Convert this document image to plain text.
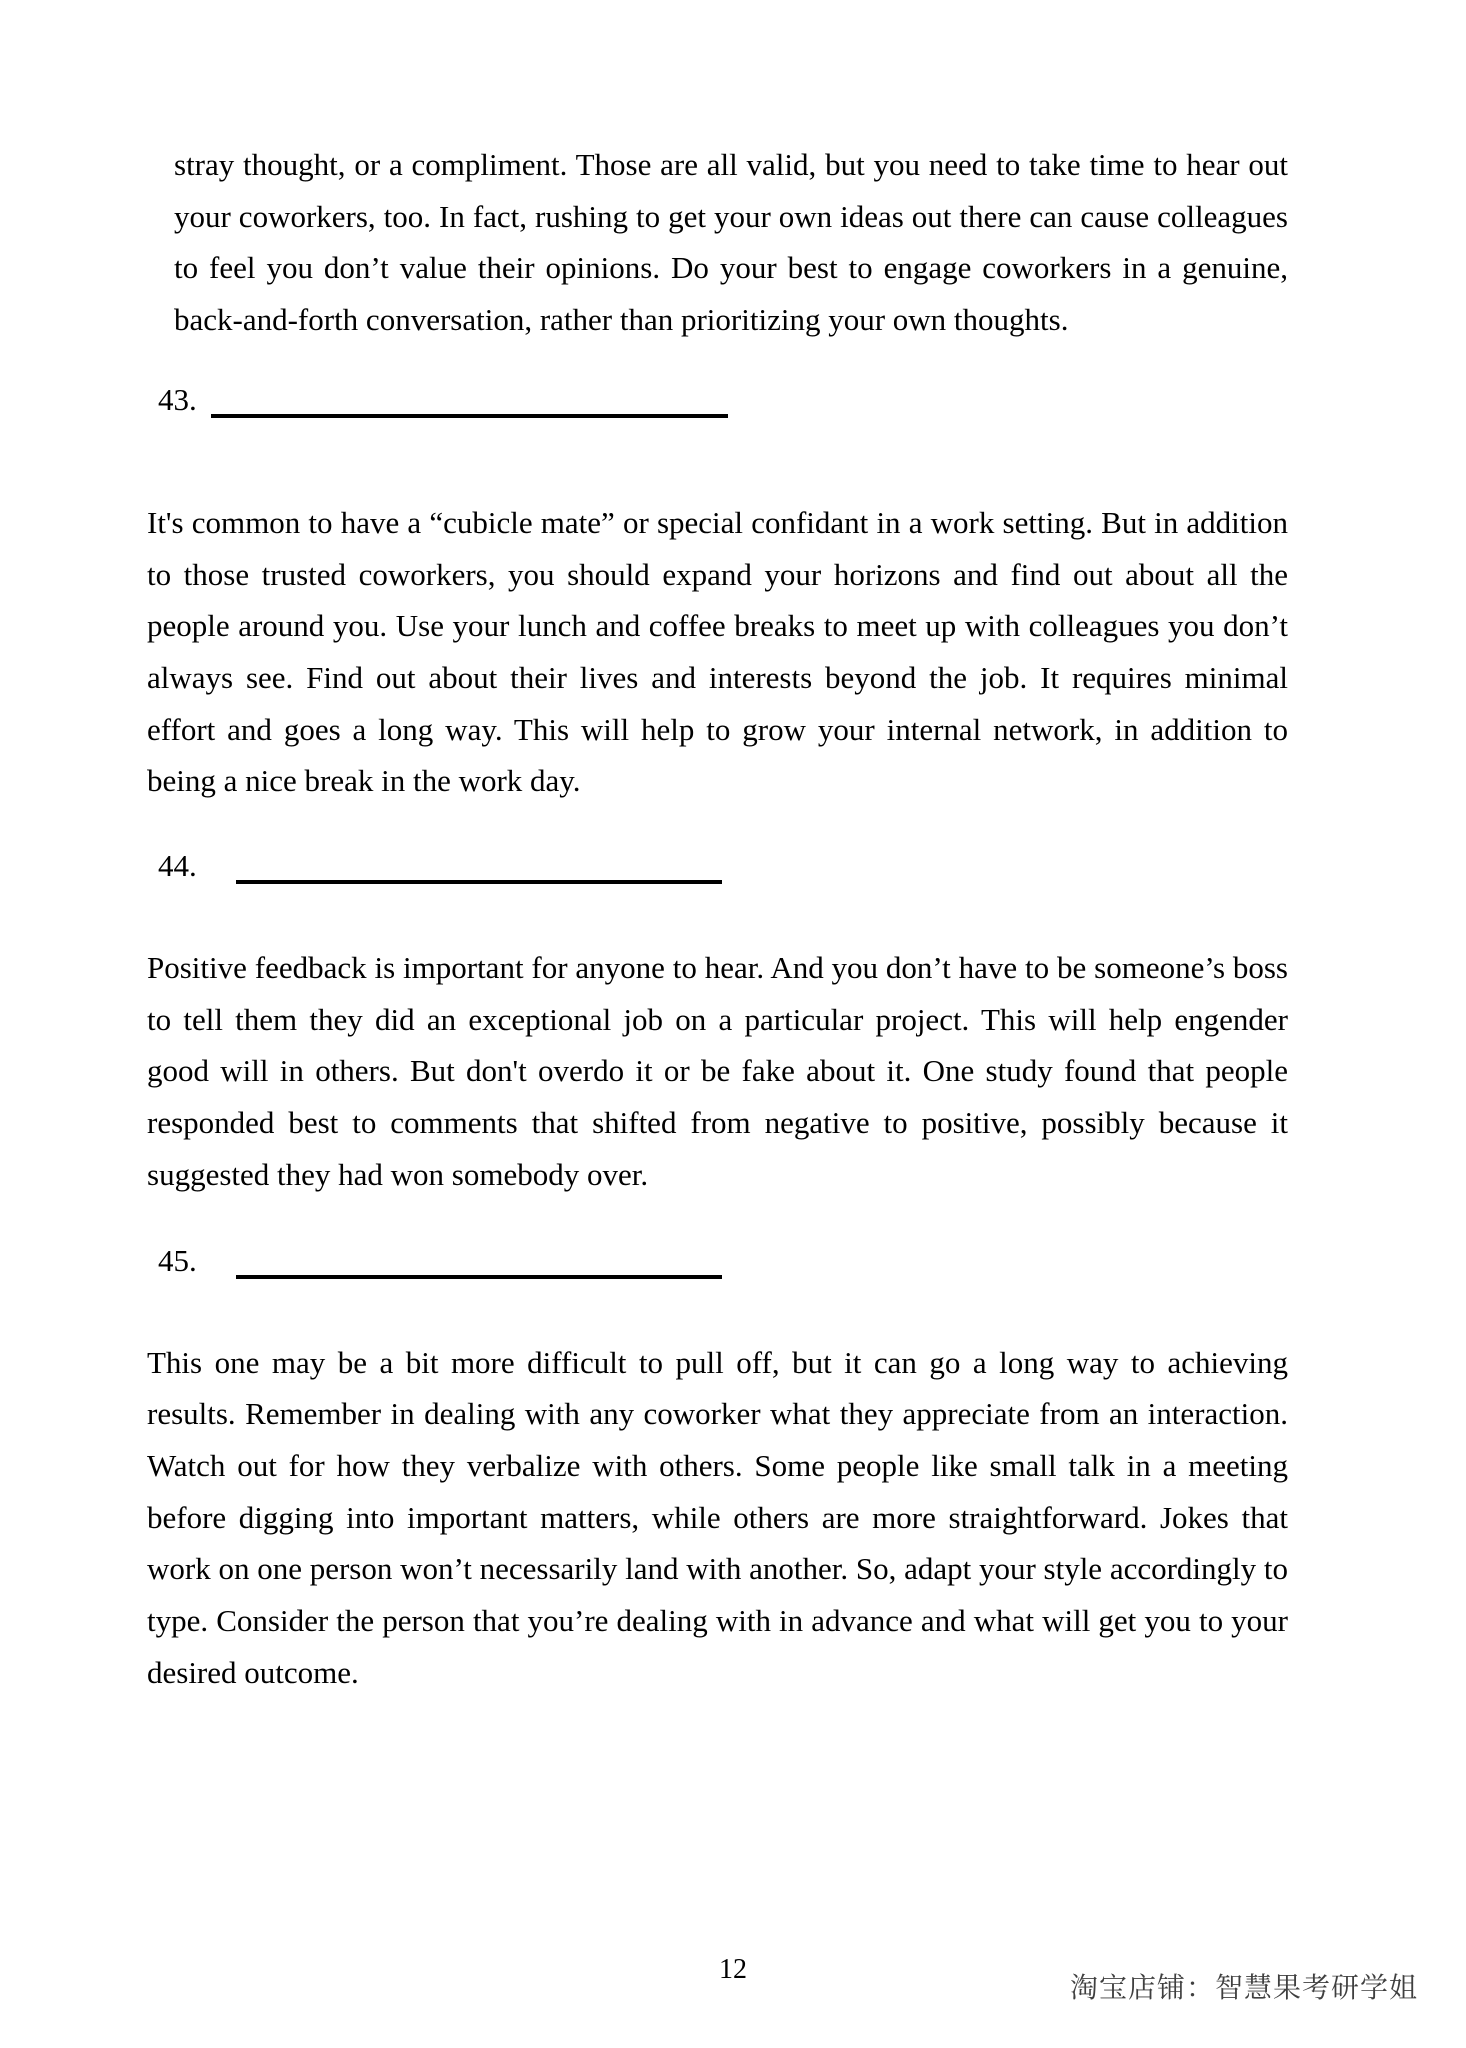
stray thought, or a compliment. Those are all valid, but you need to take time to hear out your coworkers, too. In fact, rushing to get your own ideas out there can cause colleagues to feel you don’t value their opinions. Do your best to engage coworkers in a genuine, back-and-forth conversation, rather than prioritizing your own thoughts.

43.

It's common to have a “cubicle mate” or special confidant in a work setting. But in addition to those trusted coworkers, you should expand your horizons and find out about all the people around you. Use your lunch and coffee breaks to meet up with colleagues you don’t always see. Find out about their lives and interests beyond the job. It requires minimal effort and goes a long way. This will help to grow your internal network, in addition to being a nice break in the work day.

44.

Positive feedback is important for anyone to hear. And you don’t have to be someone’s boss to tell them they did an exceptional job on a particular project. This will help engender good will in others. But don't overdo it or be fake about it. One study found that people responded best to comments that shifted from negative to positive, possibly because it suggested they had won somebody over.

45.

This one may be a bit more difficult to pull off, but it can go a long way to achieving results. Remember in dealing with any coworker what they appreciate from an interaction. Watch out for how they verbalize with others. Some people like small talk in a meeting before digging into important matters, while others are more straightforward. Jokes that work on one person won’t necessarily land with another. So, adapt your style accordingly to type. Consider the person that you’re dealing with in advance and what will get you to your desired outcome.

12
淘宝店铺：智慧果考研学姐
